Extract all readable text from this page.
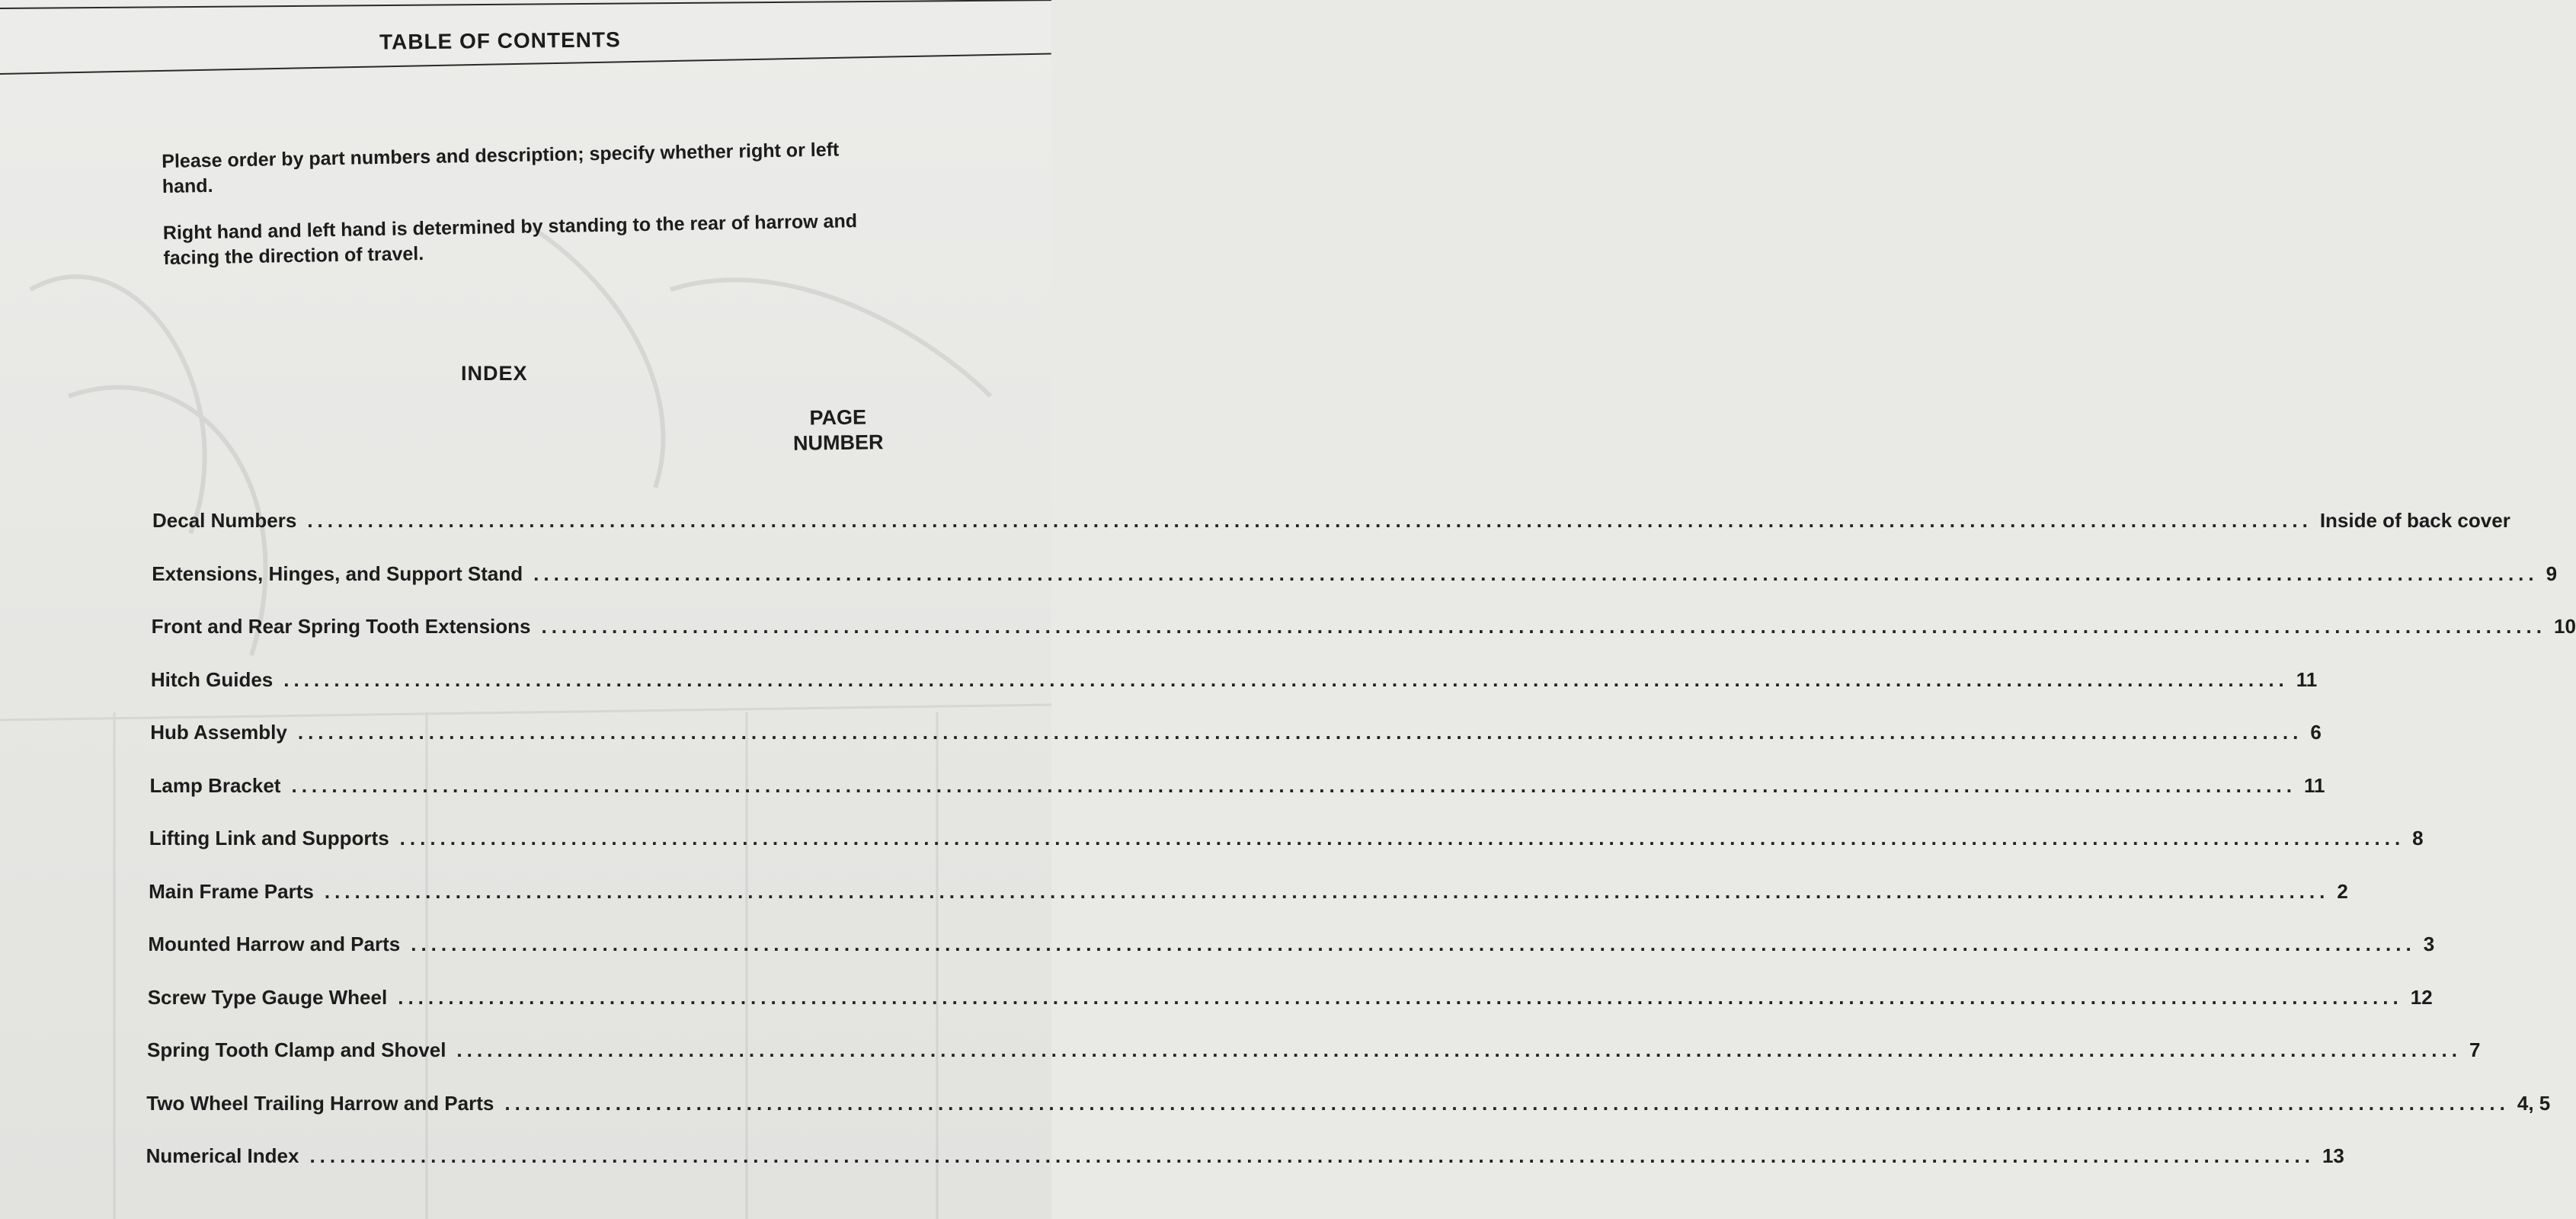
TABLE OF CONTENTS

Please order by part numbers and description; specify whether right or left hand.

Right hand and left hand is determined by standing to the rear of harrow and facing the direction of travel.

INDEX
PAGE
NUMBER
Decal Numbers ....................................................................................................................................................................................................... Inside of back cover
Extensions, Hinges, and Support Stand ....................................................................................................................................................................................................... 9
Front and Rear Spring Tooth Extensions ....................................................................................................................................................................................................... 10
Hitch Guides ....................................................................................................................................................................................................... 11
Hub Assembly ....................................................................................................................................................................................................... 6
Lamp Bracket ....................................................................................................................................................................................................... 11
Lifting Link and Supports ....................................................................................................................................................................................................... 8
Main Frame Parts ....................................................................................................................................................................................................... 2
Mounted Harrow and Parts ....................................................................................................................................................................................................... 3
Screw Type Gauge Wheel ....................................................................................................................................................................................................... 12
Spring Tooth Clamp and Shovel ....................................................................................................................................................................................................... 7
Two Wheel Trailing Harrow and Parts ....................................................................................................................................................................................................... 4, 5
Numerical Index ....................................................................................................................................................................................................... 13
